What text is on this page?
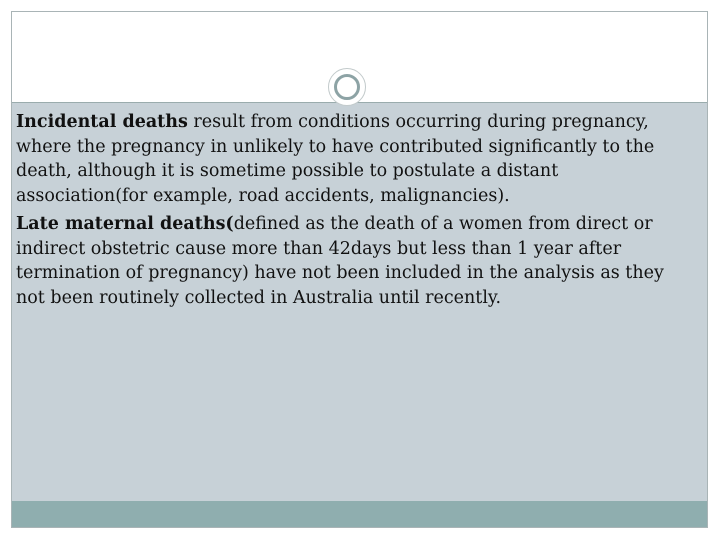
Incidental deaths result from conditions occurring during pregnancy, where the pregnancy in unlikely to have contributed significantly to the death, although it is sometime possible to postulate a distant association(for example, road accidents, malignancies).

Late maternal deaths(defined as the death of a women from direct or indirect obstetric cause more than 42days but less than 1 year after termination of pregnancy) have not been included in the analysis as they not been routinely collected in Australia until recently.
